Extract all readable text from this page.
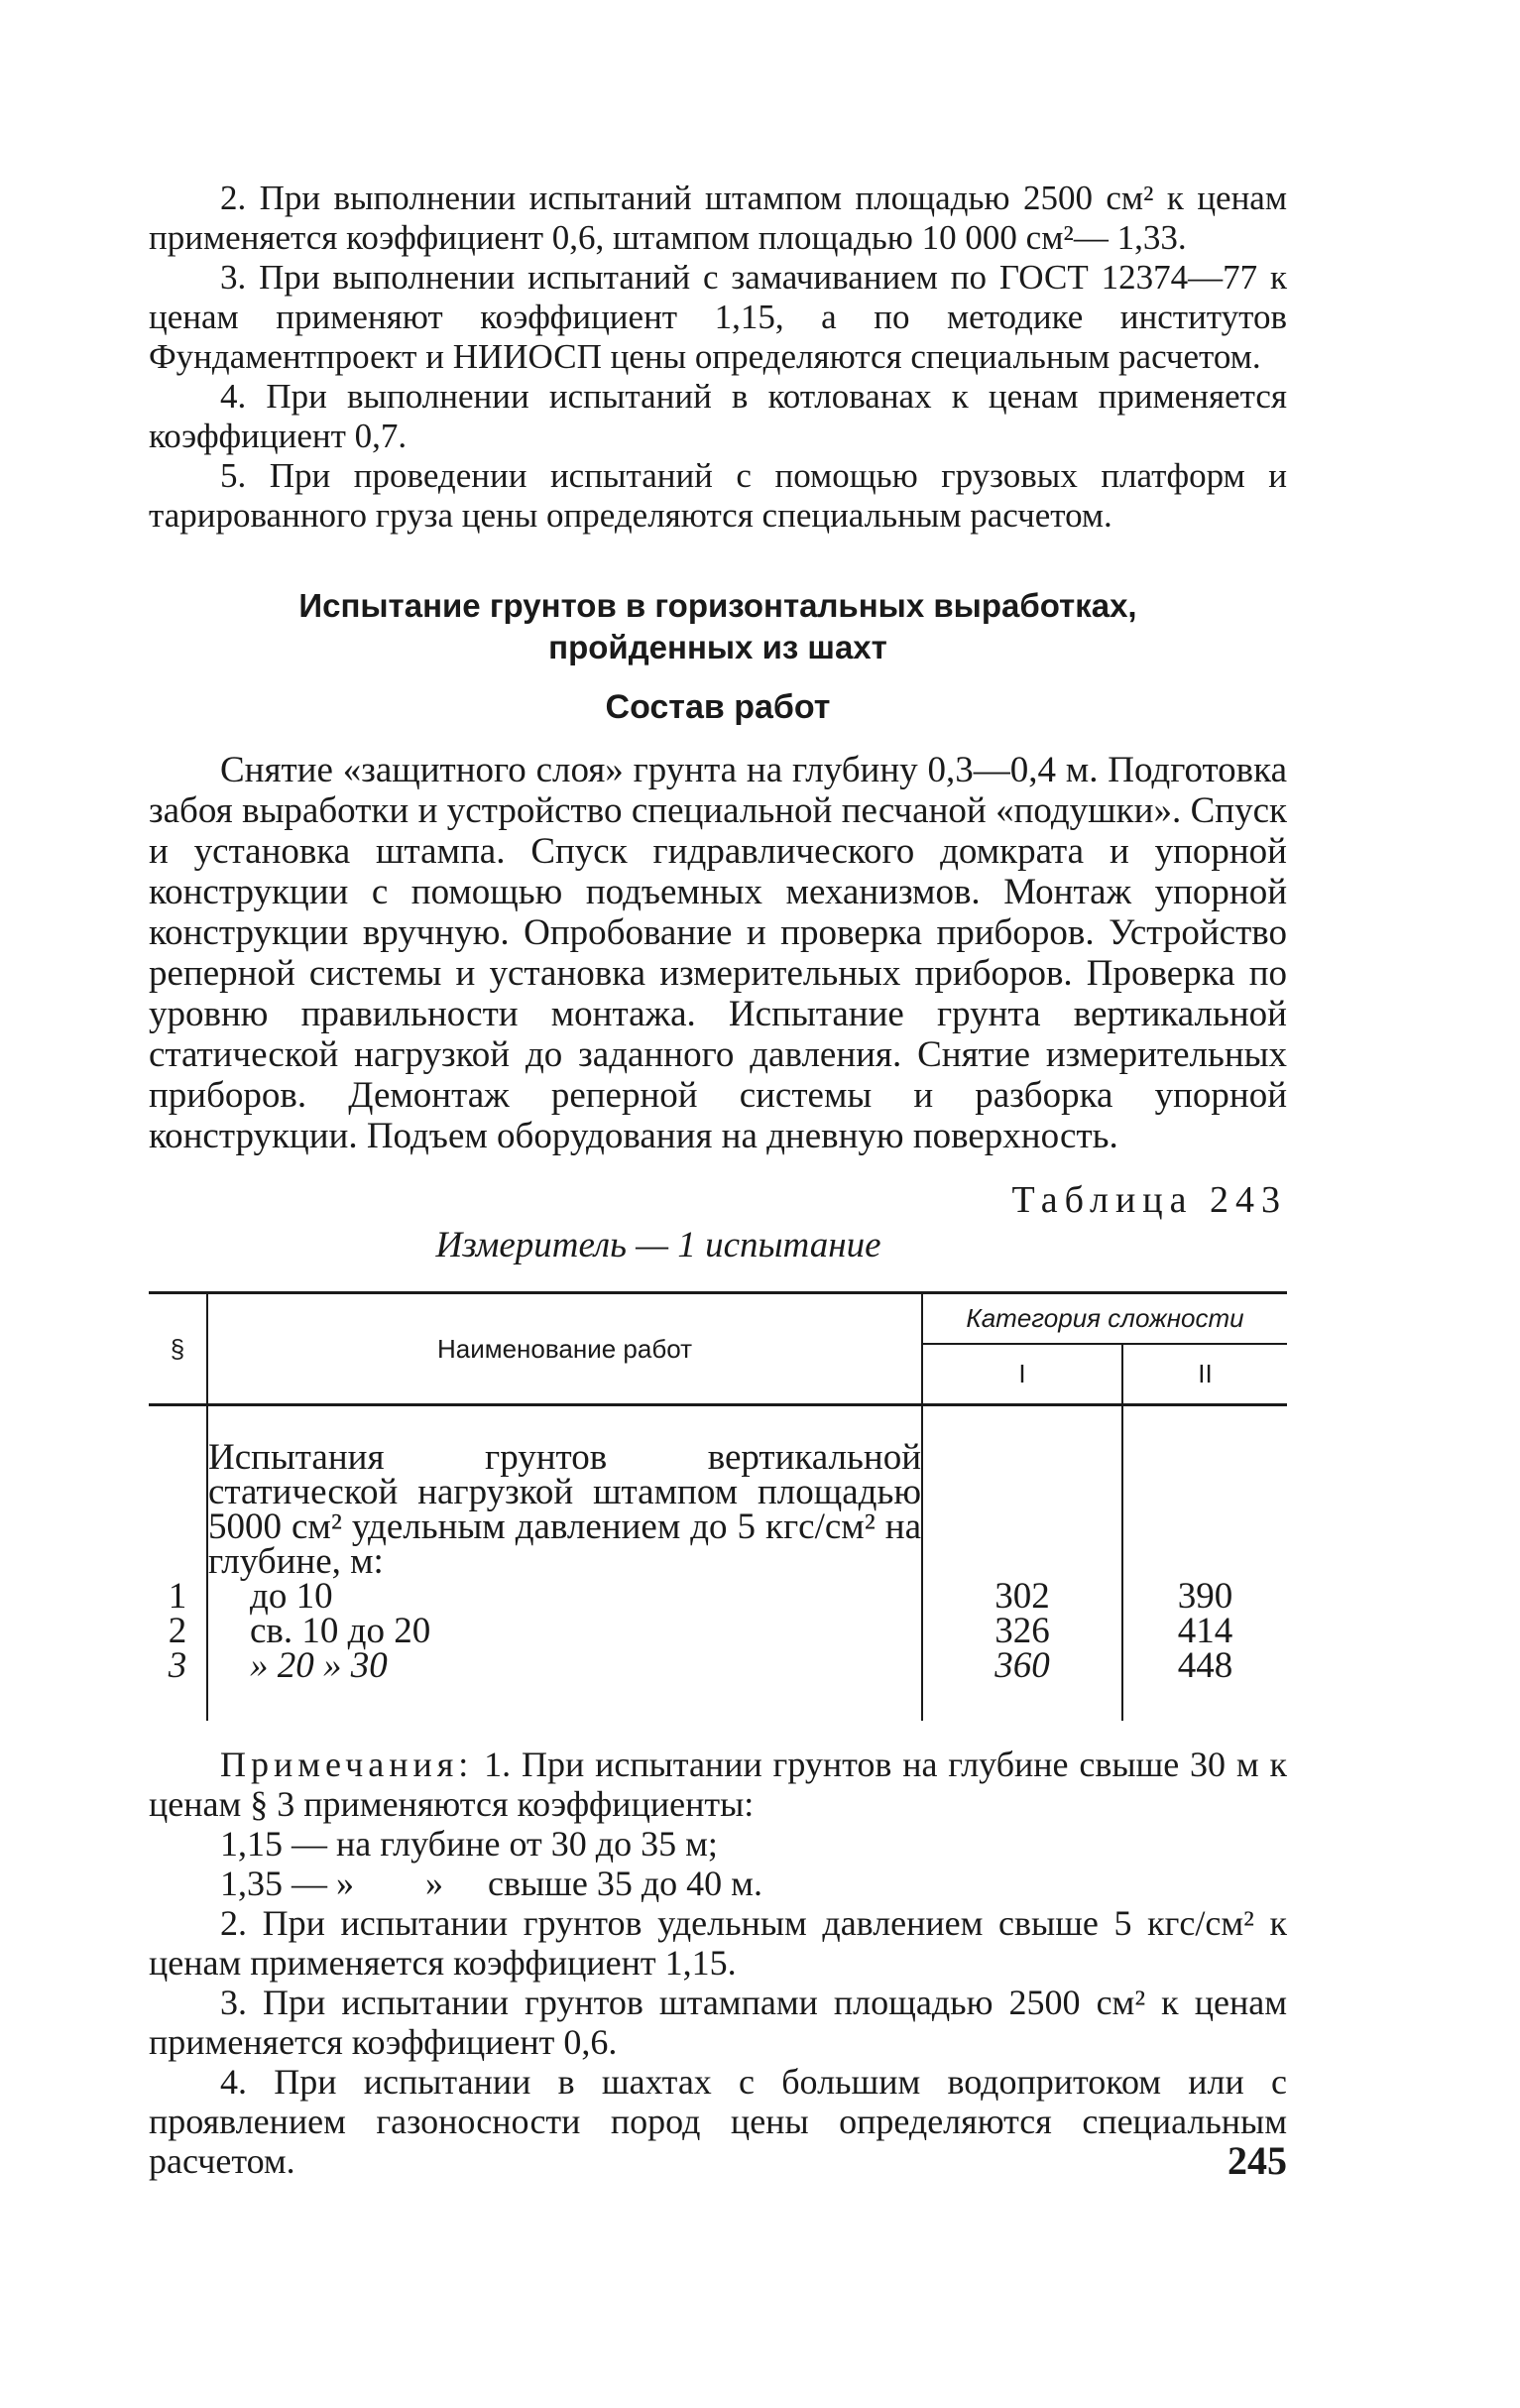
2. При выполнении испытаний штампом площадью 2500 см² к ценам применяется коэффициент 0,6, штампом площадью 10 000 см²— 1,33.

3. При выполнении испытаний с замачиванием по ГОСТ 12374—77 к ценам применяют коэффициент 1,15, а по методике институтов Фундаментпроект и НИИОСП цены определяются специальным расчетом.

4. При выполнении испытаний в котлованах к ценам применяется коэффициент 0,7.

5. При проведении испытаний с помощью грузовых платформ и тарированного груза цены определяются специальным расчетом.

Испытание грунтов в горизонтальных выработках,
пройденных из шахт

Состав работ

Снятие «защитного слоя» грунта на глубину 0,3—0,4 м. Подготовка забоя выработки и устройство специальной песчаной «подушки». Спуск и установка штампа. Спуск гидравлического домкрата и упорной конструкции с помощью подъемных механизмов. Монтаж упорной конструкции вручную. Опробование и проверка приборов. Устройство реперной системы и установка измерительных приборов. Проверка по уровню правильности монтажа. Испытание грунта вертикальной статической нагрузкой до заданного давления. Снятие измерительных приборов. Демонтаж реперной системы и разборка упорной конструкции. Подъем оборудования на дневную поверхность.

Таблица 243
Измеритель — 1 испытание
§	Наименование работ	Категория сложности	
		I	II

	Испытания грунтов вертикальной статической нагрузкой штампом площадью 5000 см² удельным давлением до 5 кгс/см² на глубине, м:		
1	до 10	302	390
2	св. 10 до 20	326	414
3	» 20 » 30	360	448

Примечания: 1. При испытании грунтов на глубине свыше 30 м к ценам § 3 применяются коэффициенты:

1,15 — на глубине от 30 до 35 м;

1,35 — »        »     свыше 35 до 40 м.

2. При испытании грунтов удельным давлением свыше 5 кгс/см² к ценам применяется коэффициент 1,15.

3. При испытании грунтов штампами площадью 2500 см² к ценам применяется коэффициент 0,6.

4. При испытании в шахтах с большим водопритоком или с проявлением газоносности пород цены определяются специальным расчетом.	245
